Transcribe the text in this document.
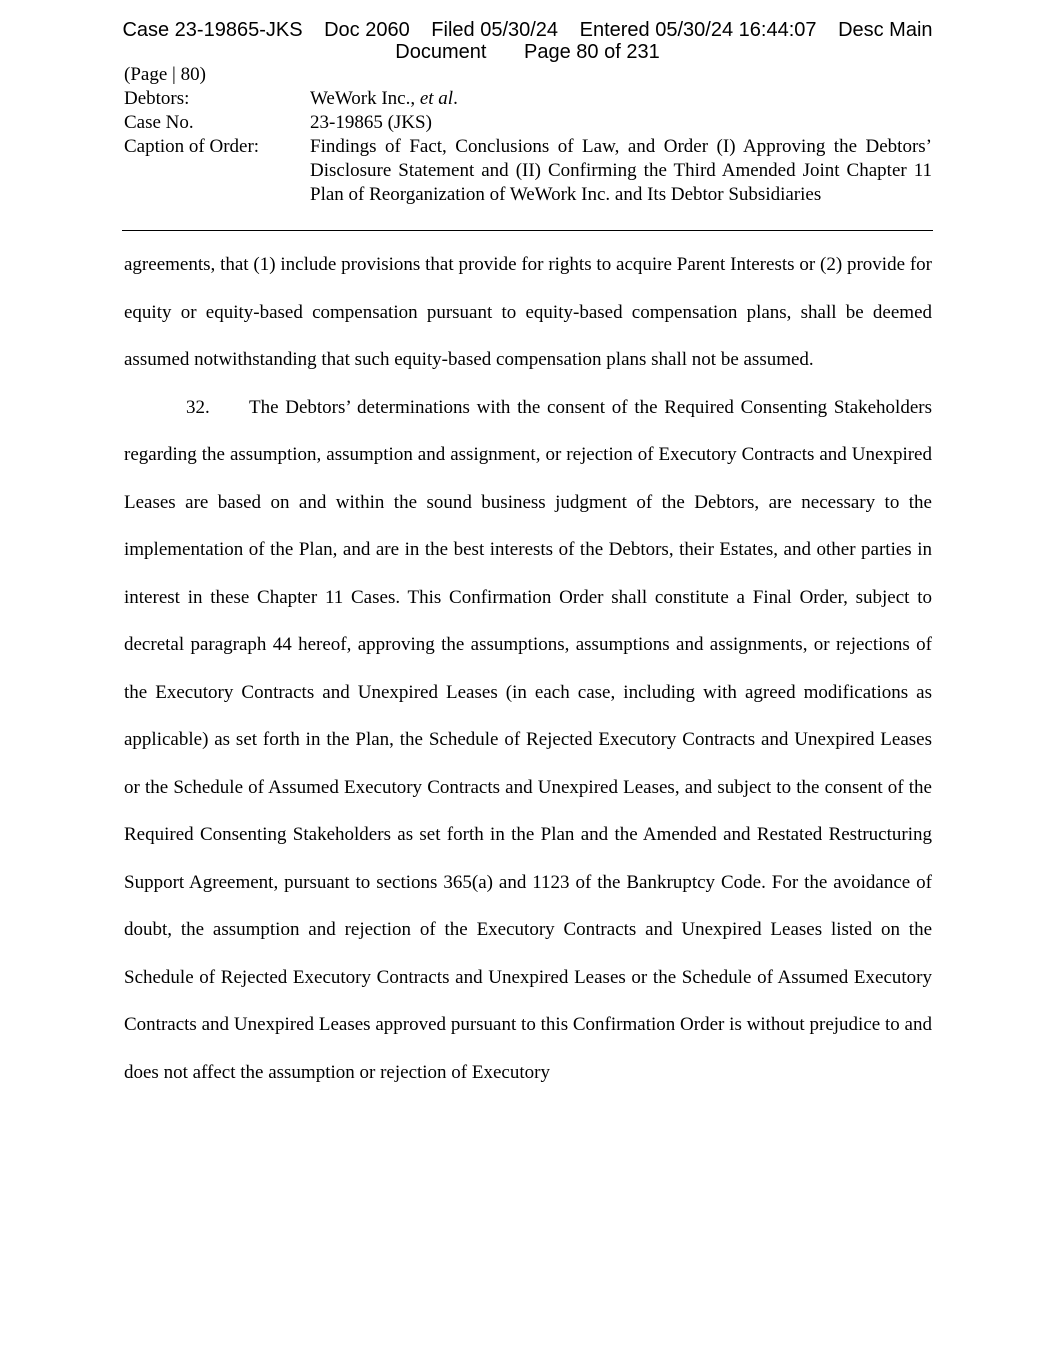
Case 23-19865-JKS Doc 2060 Filed 05/30/24 Entered 05/30/24 16:44:07 Desc Main
Document Page 80 of 231
(Page | 80)
Debtors:	WeWork Inc., et al.
Case No.	23-19865 (JKS)
Caption of Order:	Findings of Fact, Conclusions of Law, and Order (I) Approving the Debtors’ Disclosure Statement and (II) Confirming the Third Amended Joint Chapter 11 Plan of Reorganization of WeWork Inc. and Its Debtor Subsidiaries

agreements, that (1) include provisions that provide for rights to acquire Parent Interests or (2) provide for equity or equity-based compensation pursuant to equity-based compensation plans, shall be deemed assumed notwithstanding that such equity-based compensation plans shall not be assumed.

32. The Debtors’ determinations with the consent of the Required Consenting Stakeholders regarding the assumption, assumption and assignment, or rejection of Executory Contracts and Unexpired Leases are based on and within the sound business judgment of the Debtors, are necessary to the implementation of the Plan, and are in the best interests of the Debtors, their Estates, and other parties in interest in these Chapter 11 Cases. This Confirmation Order shall constitute a Final Order, subject to decretal paragraph 44 hereof, approving the assumptions, assumptions and assignments, or rejections of the Executory Contracts and Unexpired Leases (in each case, including with agreed modifications as applicable) as set forth in the Plan, the Schedule of Rejected Executory Contracts and Unexpired Leases or the Schedule of Assumed Executory Contracts and Unexpired Leases, and subject to the consent of the Required Consenting Stakeholders as set forth in the Plan and the Amended and Restated Restructuring Support Agreement, pursuant to sections 365(a) and 1123 of the Bankruptcy Code. For the avoidance of doubt, the assumption and rejection of the Executory Contracts and Unexpired Leases listed on the Schedule of Rejected Executory Contracts and Unexpired Leases or the Schedule of Assumed Executory Contracts and Unexpired Leases approved pursuant to this Confirmation Order is without prejudice to and does not affect the assumption or rejection of Executory
